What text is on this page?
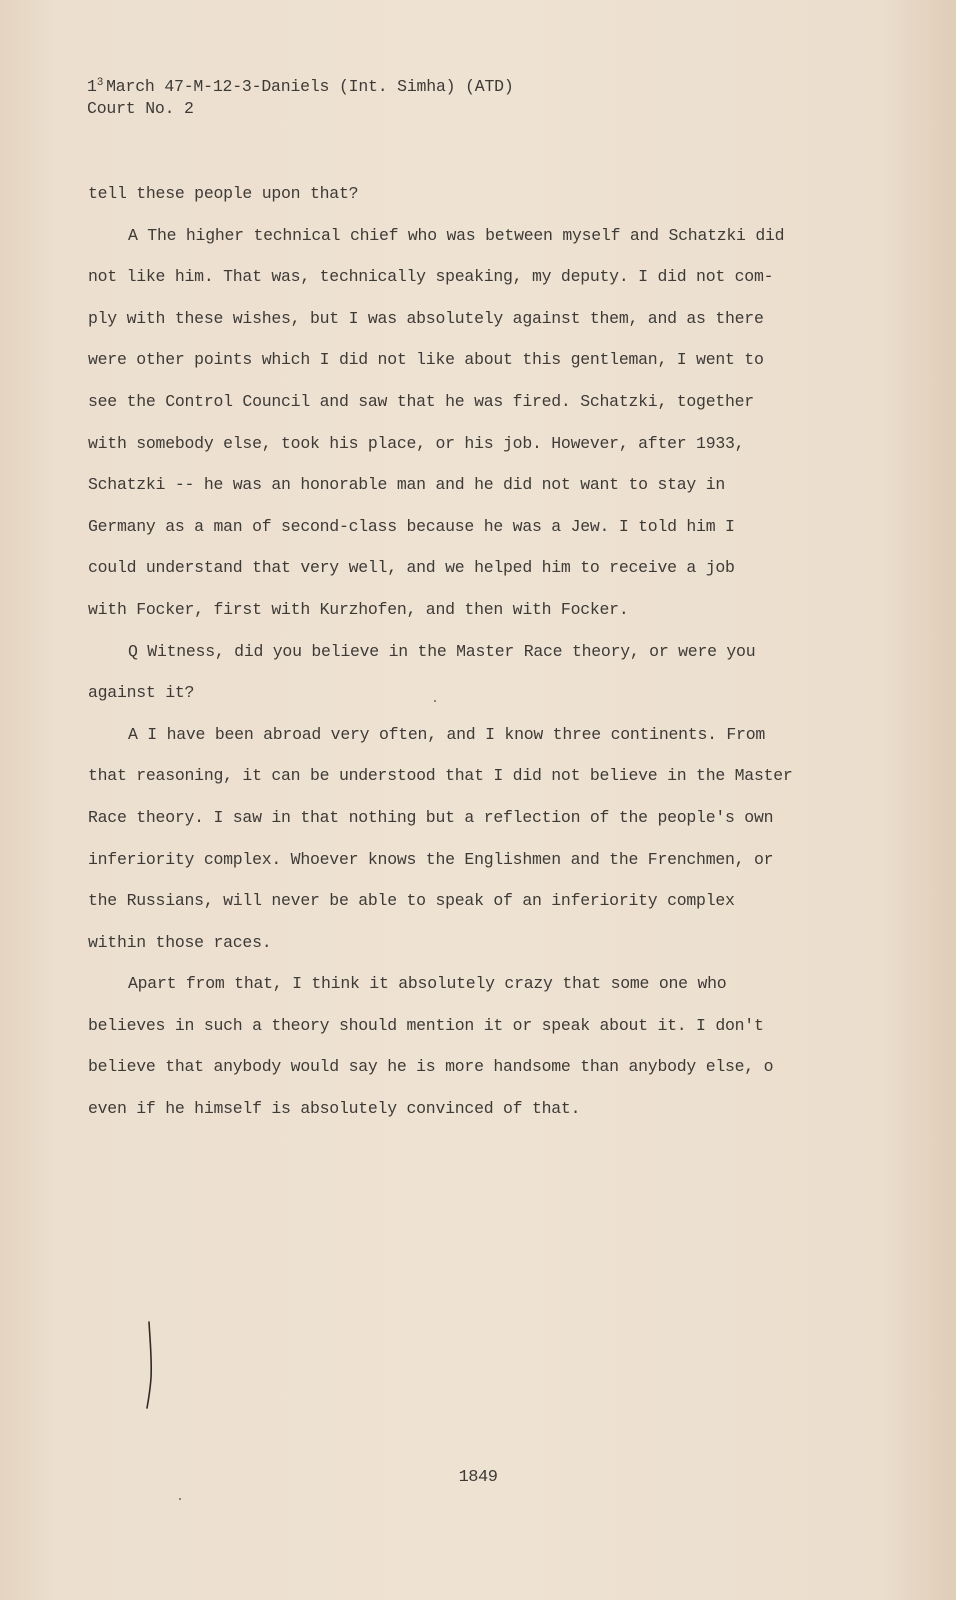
$1^3$ March 47-M-12-3-Daniels (Int. Simha) (ATD)
Court No. 2
tell these people upon that?
A The higher technical chief who was between myself and Schatzki did
not like him. That was, technically speaking, my deputy. I did not com-
ply with these wishes, but I was absolutely against them, and as there
were other points which I did not like about this gentleman, I went to
see the Control Council and saw that he was fired. Schatzki, together
with somebody else, took his place, or his job. However, after 1933,
Schatzki -- he was an honorable man and he did not want to stay in
Germany as a man of second-class because he was a Jew. I told him I
could understand that very well, and we helped him to receive a job
with Focker, first with Kurzhofen, and then with Focker.
Q Witness, did you believe in the Master Race theory, or were you
against it?
A I have been abroad very often, and I know three continents. From
that reasoning, it can be understood that I did not believe in the Master
Race theory. I saw in that nothing but a reflection of the people's own
inferiority complex. Whoever knows the Englishmen and the Frenchmen, or
the Russians, will never be able to speak of an inferiority complex
within those races.
Apart from that, I think it absolutely crazy that some one who
believes in such a theory should mention it or speak about it. I don't
believe that anybody would say he is more handsome than anybody else, o
even if he himself is absolutely convinced of that.
1849
